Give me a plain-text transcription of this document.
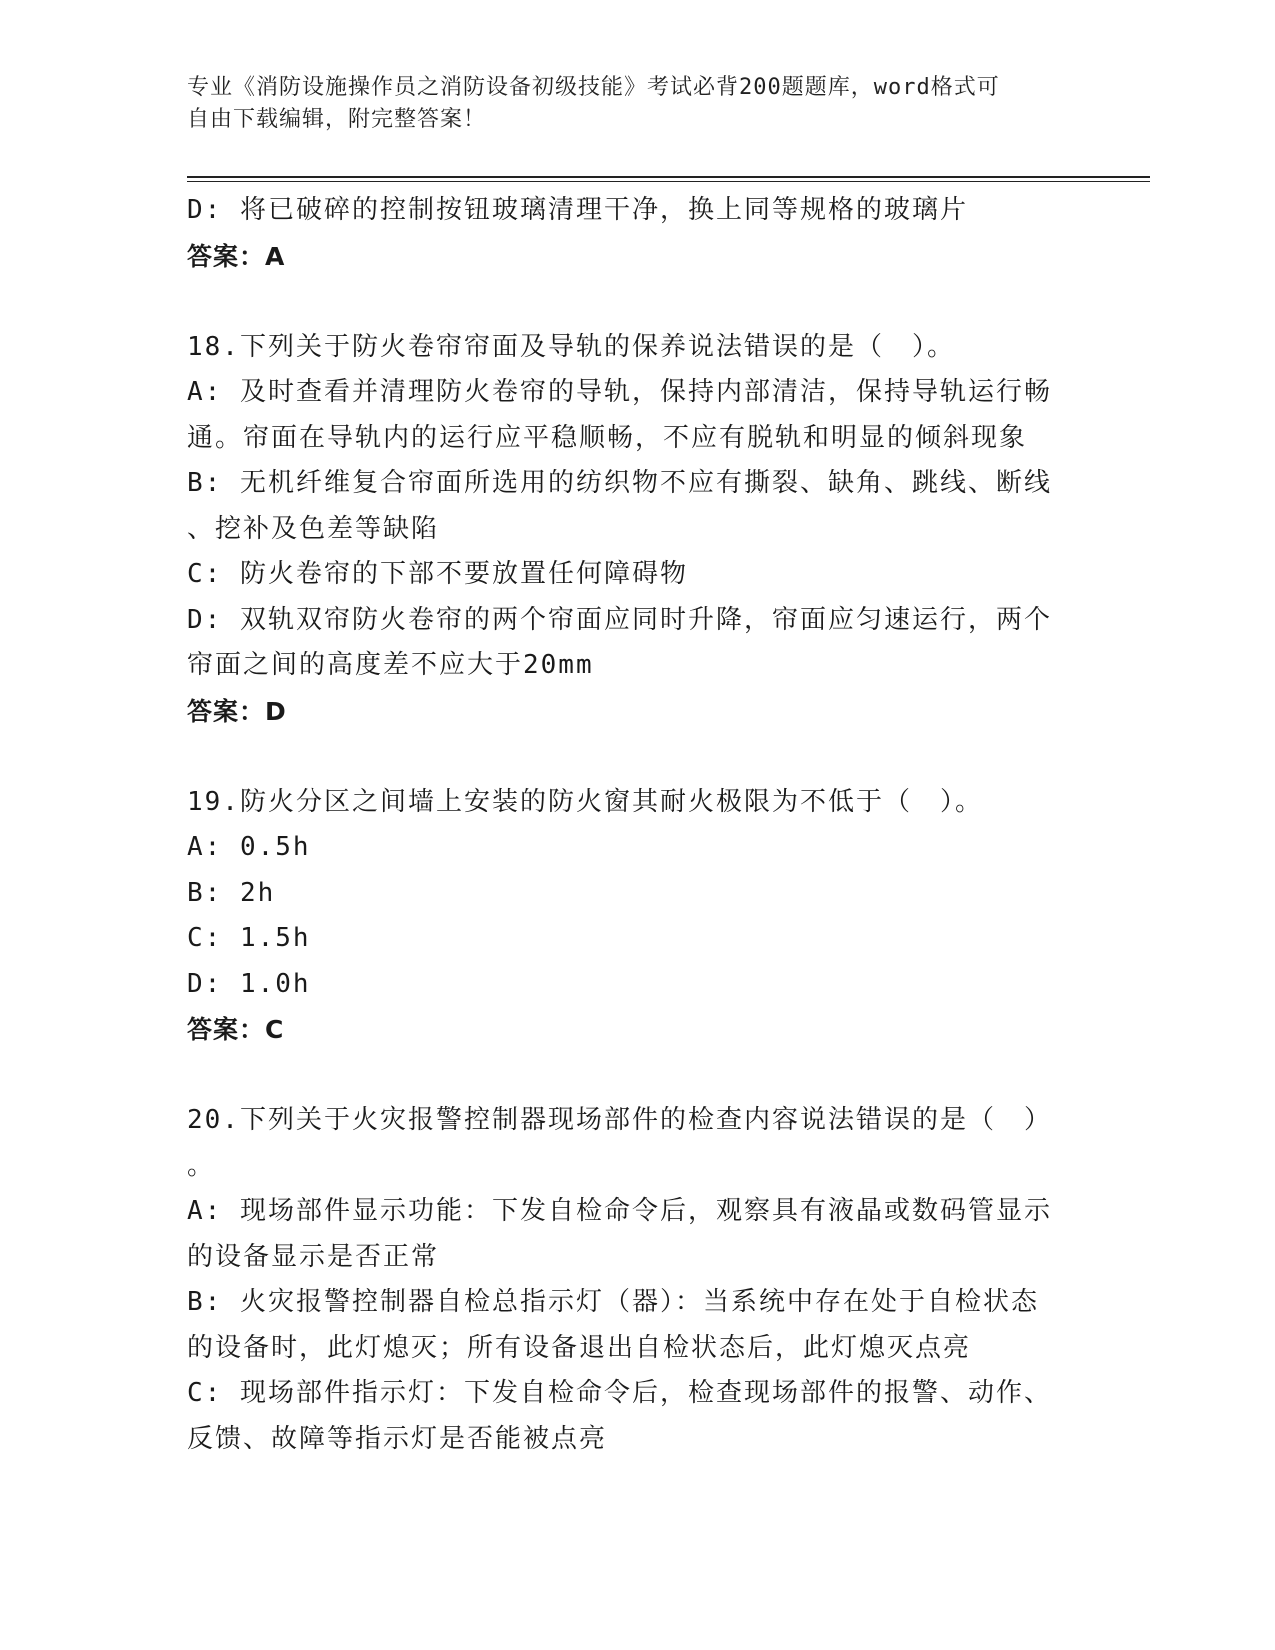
专业《消防设施操作员之消防设备初级技能》考试必背200题题库，word格式可
自由下载编辑，附完整答案！
D: 将已破碎的控制按钮玻璃清理干净，换上同等规格的玻璃片
答案：A
18.下列关于防火卷帘帘面及导轨的保养说法错误的是（　）。
A: 及时查看并清理防火卷帘的导轨，保持内部清洁，保持导轨运行畅
通。帘面在导轨内的运行应平稳顺畅，不应有脱轨和明显的倾斜现象
B: 无机纤维复合帘面所选用的纺织物不应有撕裂、缺角、跳线、断线
、挖补及色差等缺陷
C: 防火卷帘的下部不要放置任何障碍物
D: 双轨双帘防火卷帘的两个帘面应同时升降，帘面应匀速运行，两个
帘面之间的高度差不应大于20mm
答案：D
19.防火分区之间墙上安装的防火窗其耐火极限为不低于（　）。
A: 0.5h
B: 2h
C: 1.5h
D: 1.0h
答案：C
20.下列关于火灾报警控制器现场部件的检查内容说法错误的是（　）
。
A: 现场部件显示功能：下发自检命令后，观察具有液晶或数码管显示
的设备显示是否正常
B: 火灾报警控制器自检总指示灯（器）：当系统中存在处于自检状态
的设备时，此灯熄灭；所有设备退出自检状态后，此灯熄灭点亮
C: 现场部件指示灯：下发自检命令后，检查现场部件的报警、动作、
反馈、故障等指示灯是否能被点亮
